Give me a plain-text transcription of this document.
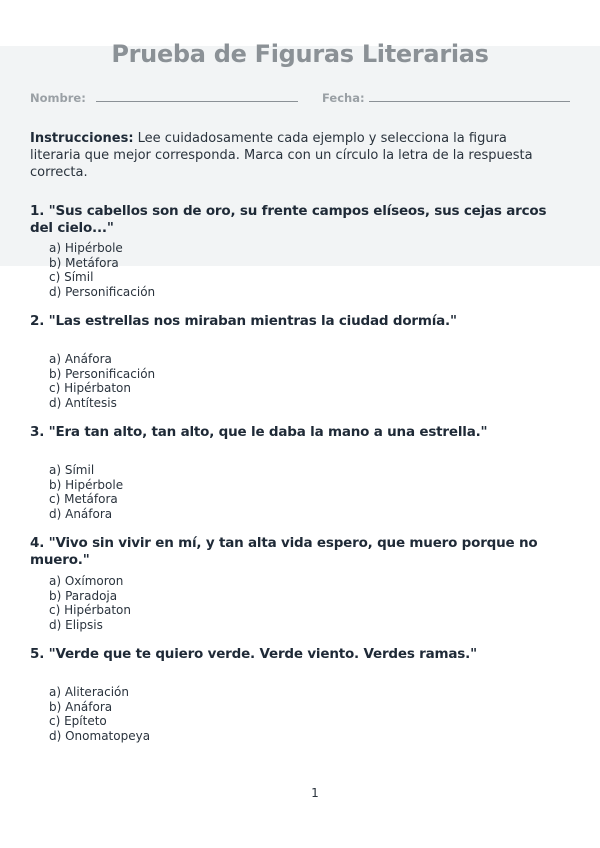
Prueba de Figuras Literarias
Nombre:	Fecha:
Instrucciones: Lee cuidadosamente cada ejemplo y selecciona la figura literaria que mejor corresponda. Marca con un círculo la letra de la respuesta correcta.
1. "Sus cabellos son de oro, su frente campos elíseos, sus cejas arcos del cielo..."
a) Hipérbole
b) Metáfora
c) Símil
d) Personificación
2. "Las estrellas nos miraban mientras la ciudad dormía."
a) Anáfora
b) Personificación
c) Hipérbaton
d) Antítesis
3. "Era tan alto, tan alto, que le daba la mano a una estrella."
a) Símil
b) Hipérbole
c) Metáfora
d) Anáfora
4. "Vivo sin vivir en mí, y tan alta vida espero, que muero porque no muero."
a) Oxímoron
b) Paradoja
c) Hipérbaton
d) Elipsis
5. "Verde que te quiero verde. Verde viento. Verdes ramas."
a) Aliteración
b) Anáfora
c) Epíteto
d) Onomatopeya
1
